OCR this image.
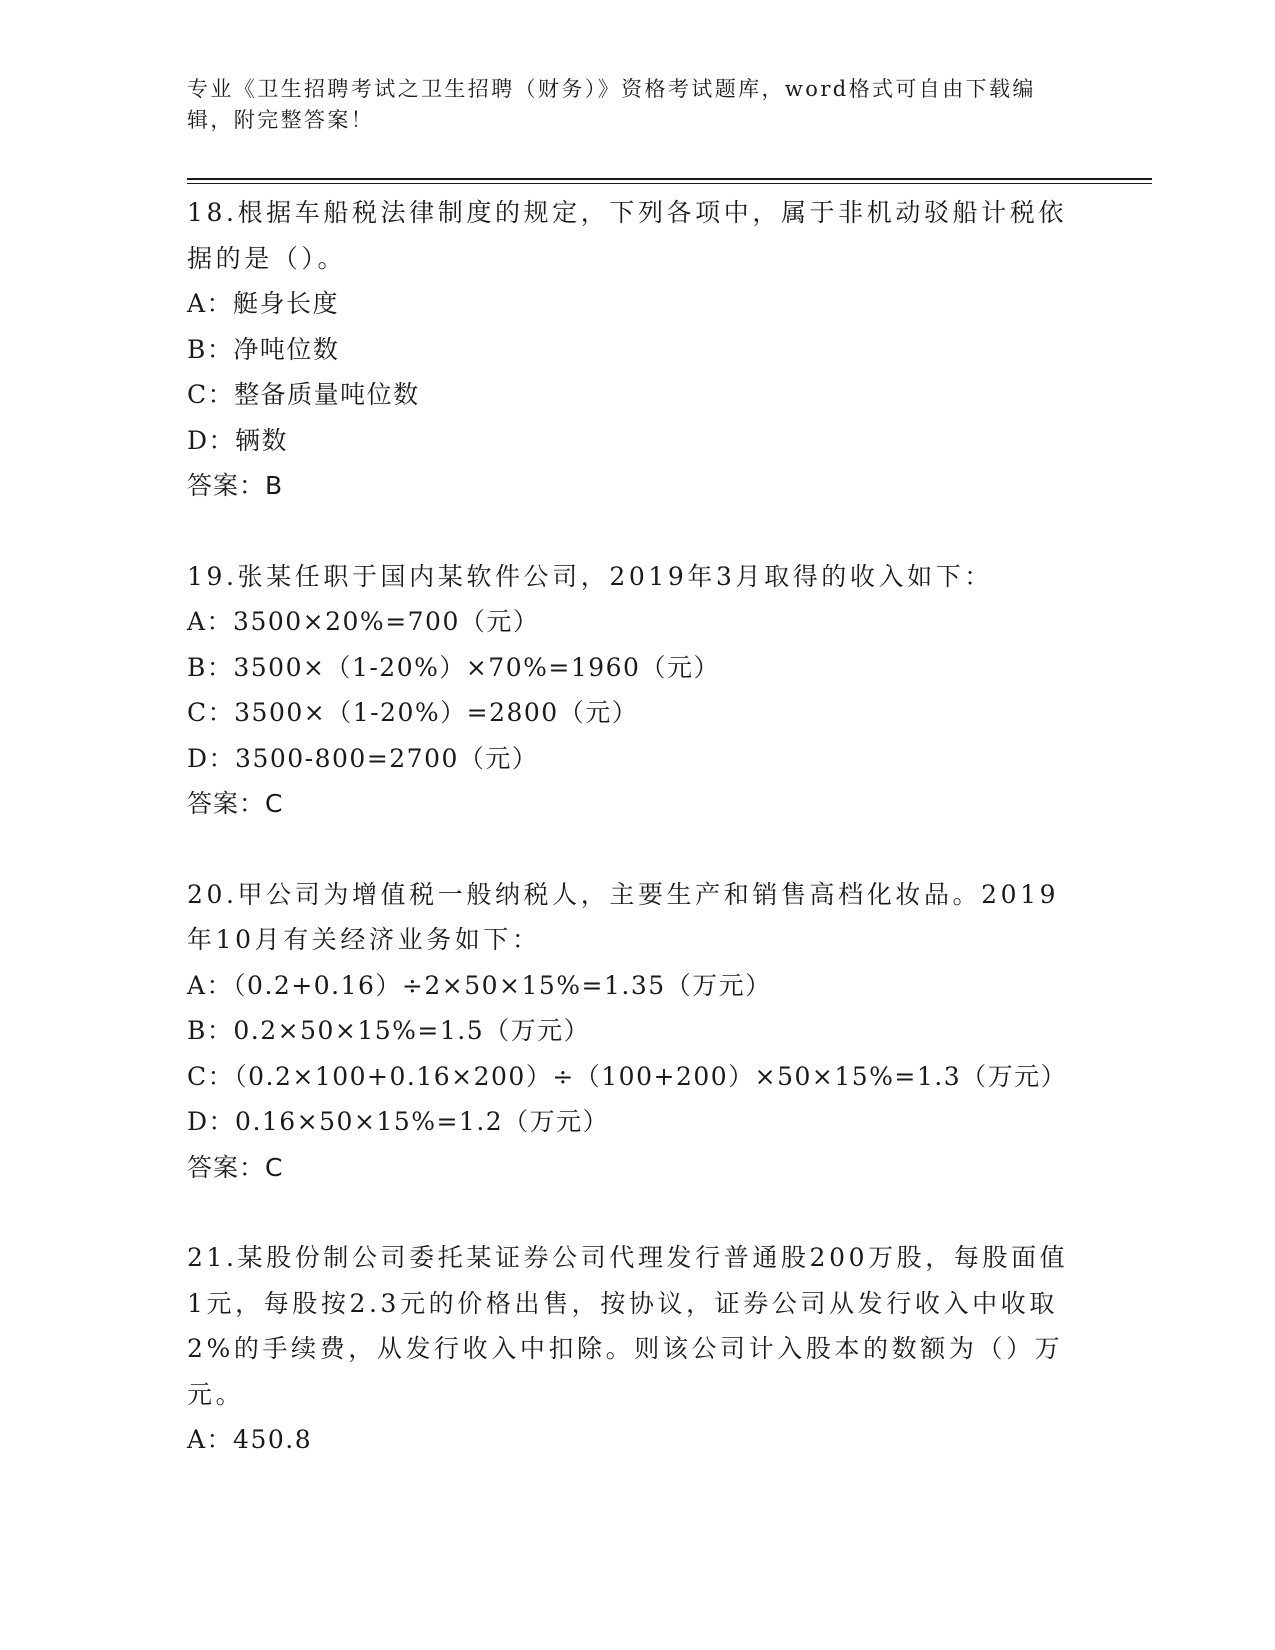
专业《卫生招聘考试之卫生招聘（财务）》资格考试题库，word格式可自由下载编辑，附完整答案！
18.根据车船税法律制度的规定，下列各项中，属于非机动驳船计税依据的是（）。
A：艇身长度
B：净吨位数
C：整备质量吨位数
D：辆数
答案：B
19.张某任职于国内某软件公司，2019年3月取得的收入如下：
A：3500×20%=700（元）
B：3500×（1-20%）×70%=1960（元）
C：3500×（1-20%）=2800（元）
D：3500-800=2700（元）
答案：C
20.甲公司为增值税一般纳税人，主要生产和销售高档化妆品。2019年10月有关经济业务如下：
A：（0.2+0.16）÷2×50×15%=1.35（万元）
B：0.2×50×15%=1.5（万元）
C：（0.2×100+0.16×200）÷（100+200）×50×15%=1.3（万元）
D：0.16×50×15%=1.2（万元）
答案：C
21.某股份制公司委托某证券公司代理发行普通股200万股，每股面值1元，每股按2.3元的价格出售，按协议，证券公司从发行收入中收取2%的手续费，从发行收入中扣除。则该公司计入股本的数额为（）万元。
A：450.8
